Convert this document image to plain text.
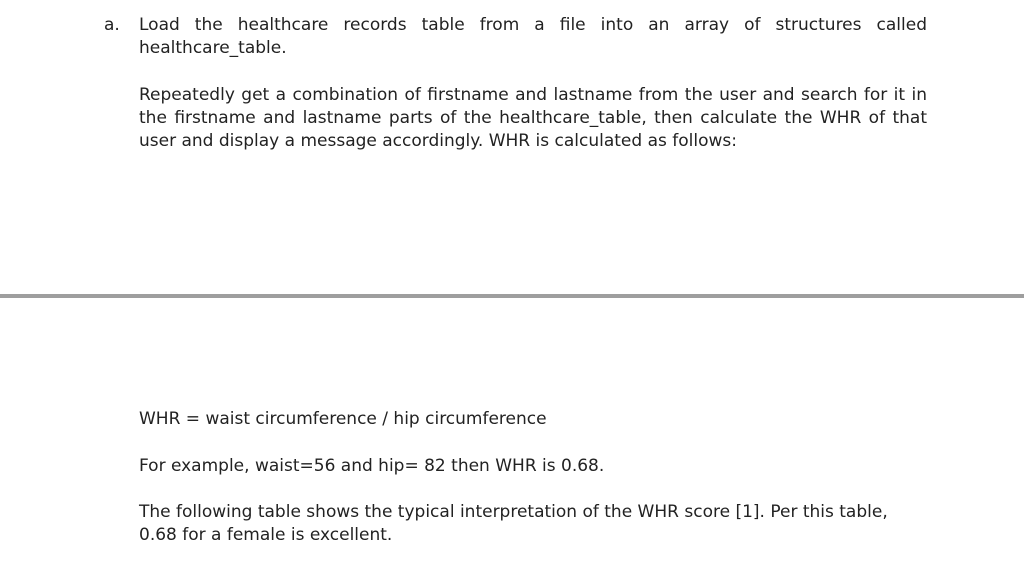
a.	Load the healthcare records table from a file into an array of structures called healthcare_table.

Repeatedly get a combination of firstname and lastname from the user and search for it in the firstname and lastname parts of the healthcare_table, then calculate the WHR of that user and display a message accordingly. WHR is calculated as follows:

WHR = waist circumference / hip circumference

For example, waist=56 and hip= 82 then WHR is 0.68.

The following table shows the typical interpretation of the WHR score [1]. Per this table, 0.68 for a female is excellent.
